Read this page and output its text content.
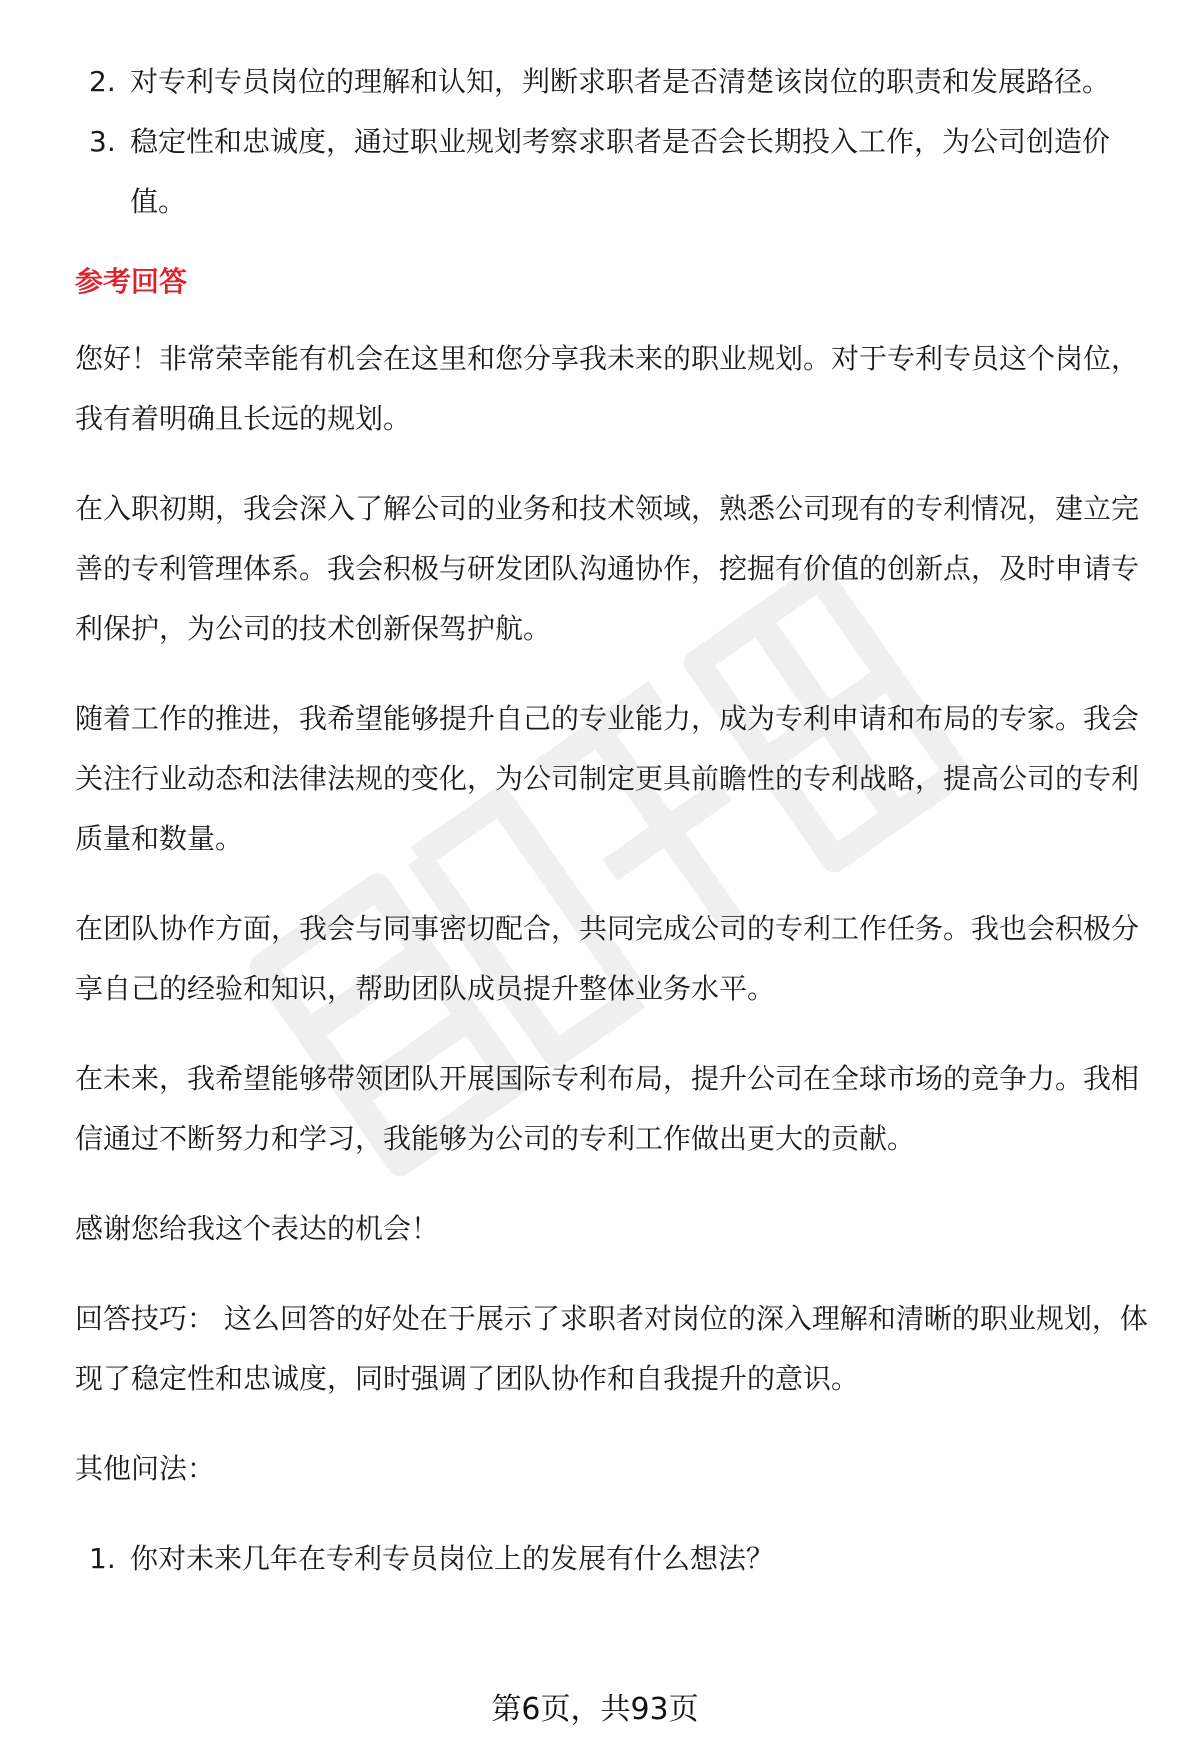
2. 对专利专员岗位的理解和认知，判断求职者是否清楚该岗位的职责和发展路径。
3. 稳定性和忠诚度，通过职业规划考察求职者是否会长期投入工作，为公司创造价值。
参考回答

您好！非常荣幸能有机会在这里和您分享我未来的职业规划。对于专利专员这个岗位，我有着明确且长远的规划。

在入职初期，我会深入了解公司的业务和技术领域，熟悉公司现有的专利情况，建立完善的专利管理体系。我会积极与研发团队沟通协作，挖掘有价值的创新点，及时申请专利保护，为公司的技术创新保驾护航。

随着工作的推进，我希望能够提升自己的专业能力，成为专利申请和布局的专家。我会关注行业动态和法律法规的变化，为公司制定更具前瞻性的专利战略，提高公司的专利质量和数量。

在团队协作方面，我会与同事密切配合，共同完成公司的专利工作任务。我也会积极分享自己的经验和知识，帮助团队成员提升整体业务水平。

在未来，我希望能够带领团队开展国际专利布局，提升公司在全球市场的竞争力。我相信通过不断努力和学习，我能够为公司的专利工作做出更大的贡献。

感谢您给我这个表达的机会！

回答技巧： 这么回答的好处在于展示了求职者对岗位的深入理解和清晰的职业规划，体现了稳定性和忠诚度，同时强调了团队协作和自我提升的意识。

其他问法：

1. 你对未来几年在专利专员岗位上的发展有什么想法？
第6页，共93页
